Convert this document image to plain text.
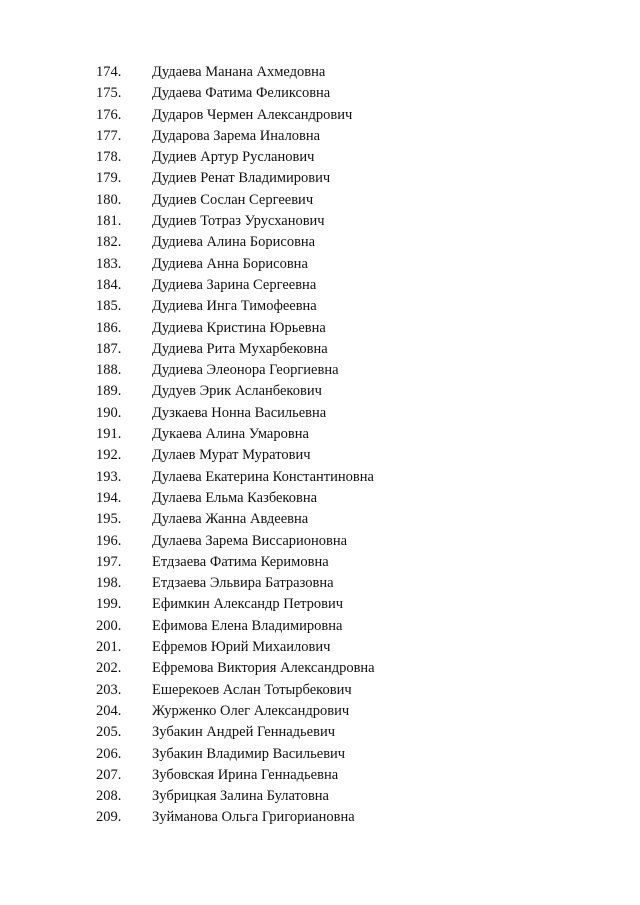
174. Дудаева Манана Ахмедовна
175. Дудаева Фатима Феликсовна
176. Дударов Чермен Александрович
177. Дударова Зарема Иналовна
178. Дудиев Артур Русланович
179. Дудиев Ренат Владимирович
180. Дудиев Сослан Сергеевич
181. Дудиев Тотраз Урусханович
182. Дудиева Алина Борисовна
183. Дудиева Анна Борисовна
184. Дудиева Зарина Сергеевна
185. Дудиева Инга Тимофеевна
186. Дудиева Кристина Юрьевна
187. Дудиева Рита Мухарбековна
188. Дудиева Элеонора Георгиевна
189. Дудуев Эрик Асланбекович
190. Дузкаева Нонна Васильевна
191. Дукаева Алина Умаровна
192. Дулаев Мурат Муратович
193. Дулаева Екатерина Константиновна
194. Дулаева Ельма Казбековна
195. Дулаева Жанна Авдеевна
196. Дулаева Зарема Виссарионовна
197. Етдзаева Фатима Керимовна
198. Етдзаева Эльвира Батразовна
199. Ефимкин Александр Петрович
200. Ефимова Елена Владимировна
201. Ефремов Юрий Михаилович
202. Ефремова Виктория Александровна
203. Ешерекоев Аслан Тотырбекович
204. Журженко Олег Александрович
205. Зубакин Андрей Геннадьевич
206. Зубакин Владимир Васильевич
207. Зубовская Ирина Геннадьевна
208. Зубрицкая Залина Булатовна
209. Зуйманова Ольга Григориановна
